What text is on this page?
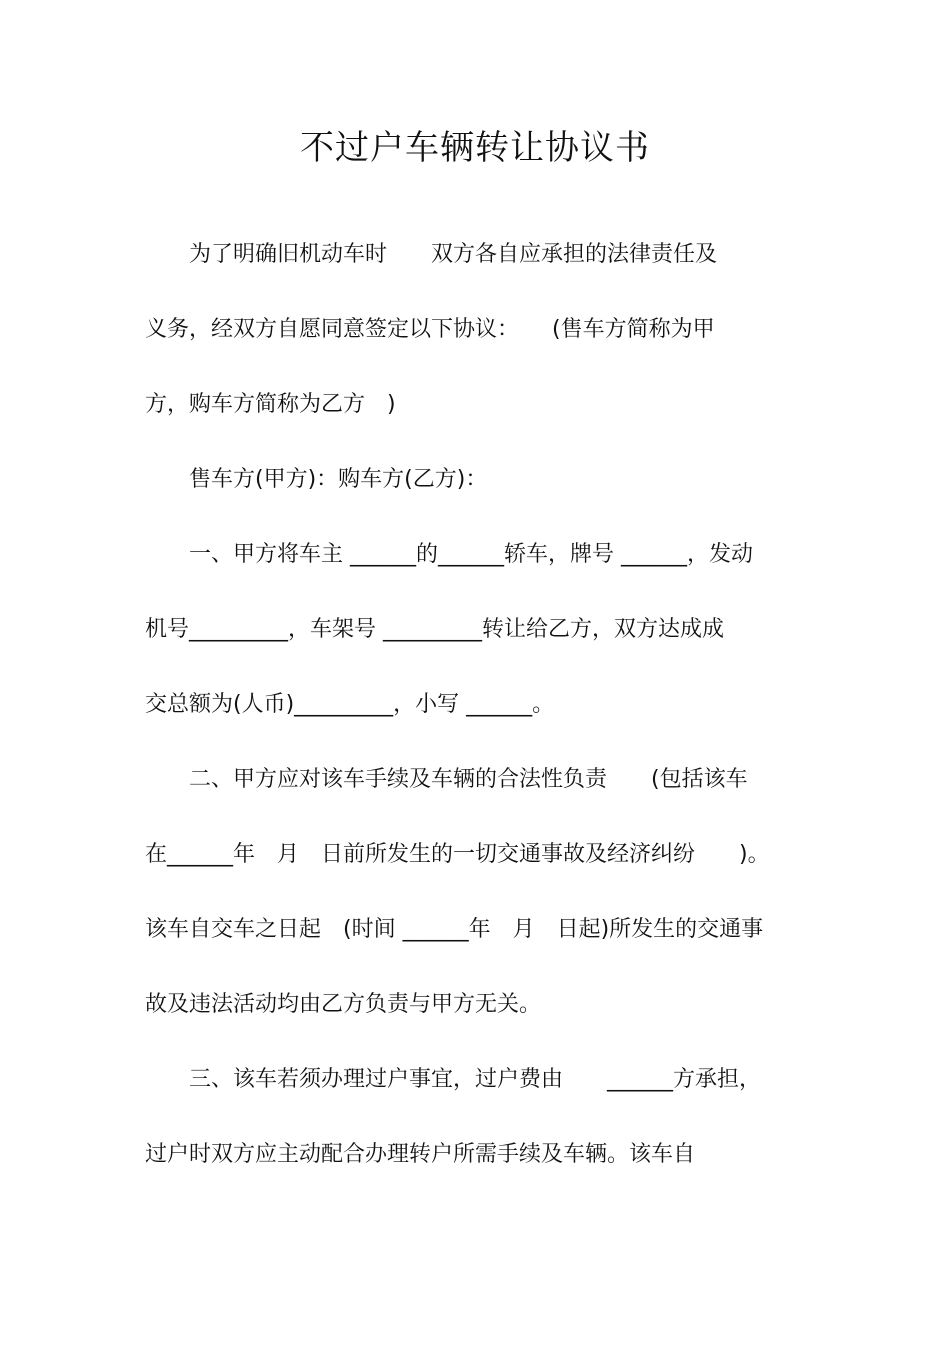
不过户车辆转让协议书
　　为了明确旧机动车时　　双方各自应承担的法律责任及
义务，经双方自愿同意签定以下协议：　　(售车方简称为甲
方，购车方简称为乙方　)
　　售车方(甲方)：购车方(乙方)：
　　一、甲方将车主 ______的______轿车，牌号 ______，发动
机号_________，车架号 _________转让给乙方，双方达成成
交总额为(人币)_________，小写 ______。
　　二、甲方应对该车手续及车辆的合法性负责　　(包括该车
在______年　月　日前所发生的一切交通事故及经济纠纷　　)。
该车自交车之日起　(时间 ______年　月　日起)所发生的交通事
故及违法活动均由乙方负责与甲方无关。
　　三、该车若须办理过户事宜，过户费由　　______方承担，
过户时双方应主动配合办理转户所需手续及车辆。该车自
